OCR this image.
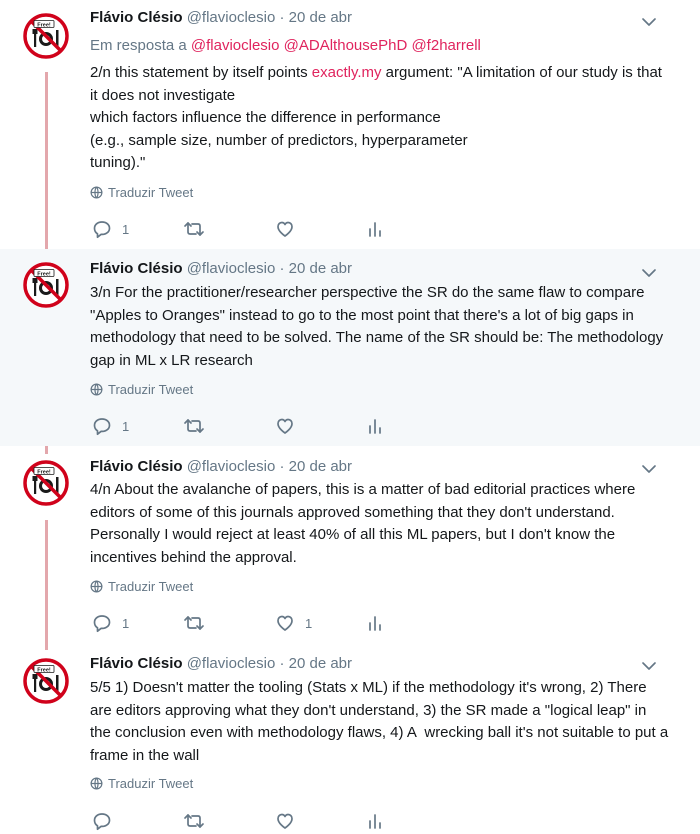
Free!	Flávio Clésio @flavioclesio · 20 de abr
Em resposta a @flavioclesio @ADAlthousePhD @f2harrell
2/n this statement by itself points exactly.my argument: "A limitation of our study is that it does not investigate
which factors influence the difference in performance
(e.g., sample size, number of predictors, hyperparameter
tuning)."
Traduzir Tweet
1
Free!	Flávio Clésio @flavioclesio · 20 de abr
3/n For the practitioner/researcher perspective the SR do the same flaw to compare "Apples to Oranges" instead to go to the most point that there's a lot of big gaps in methodology that need to be solved. The name of the SR should be: The methodology gap in ML x LR research
Traduzir Tweet
1
Free!	Flávio Clésio @flavioclesio · 20 de abr
4/n About the avalanche of papers, this is a matter of bad editorial practices where editors of some of this journals approved something that they don't understand. Personally I would reject at least 40% of all this ML papers, but I don't know the incentives behind the approval.
Traduzir Tweet
1	1
Free!	Flávio Clésio @flavioclesio · 20 de abr
5/5 1) Doesn't matter the tooling (Stats x ML) if the methodology it's wrong, 2) There are editors approving what they don't understand, 3) the SR made a "logical leap" in the conclusion even with methodology flaws, 4) A  wrecking ball it's not suitable to put a frame in the wall
Traduzir Tweet
